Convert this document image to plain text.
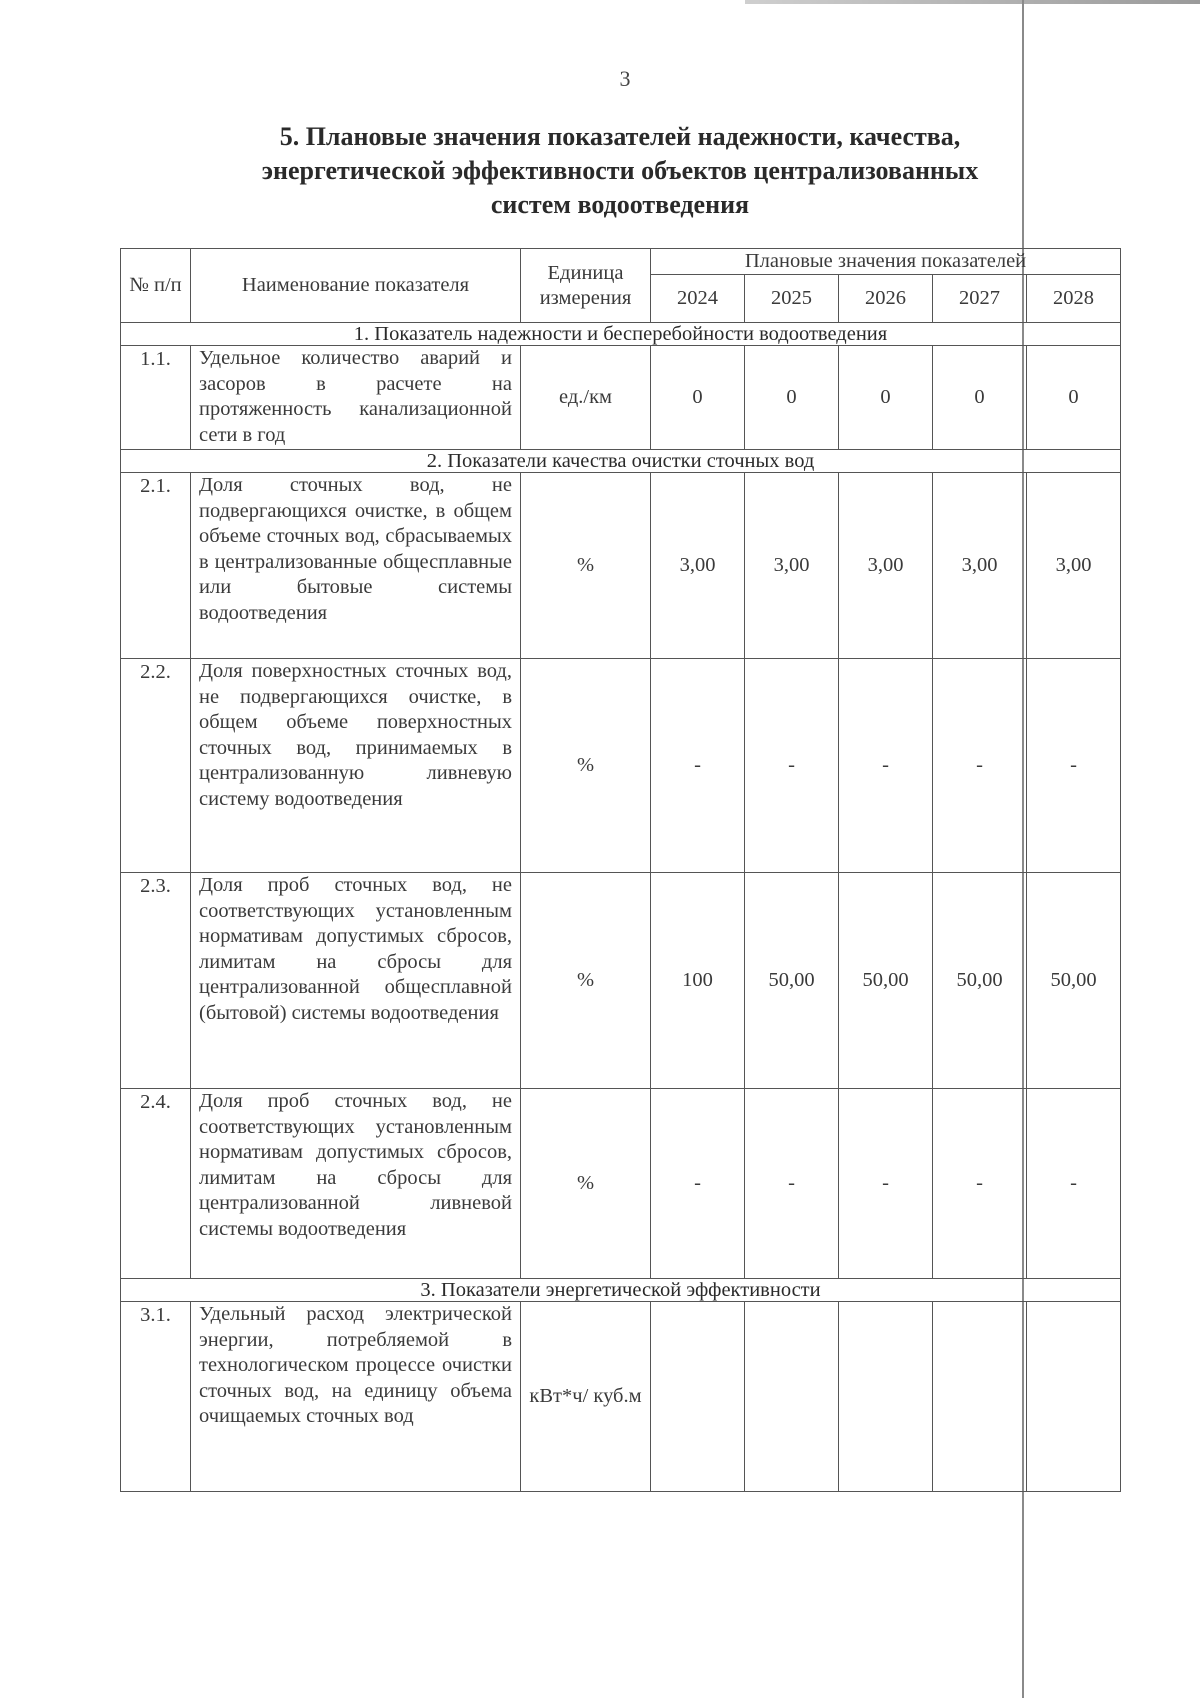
3
5. Плановые значения показателей надежности, качества,
энергетической эффективности объектов централизованных
систем водоотведения
№ п/п	Наименование показателя	Единица измерения	Плановые значения показателей				
			2024	2025	2026	2027	2028
1. Показатель надежности и бесперебойности водоотведения							
1.1.	Удельное количество аварий и засоров в расчете на протяженность канализационной сети в год	ед./км	0	0	0	0	0
2. Показатели качества очистки сточных вод							
2.1.	Доля сточных вод, не подвергающихся очистке, в общем объеме сточных вод, сбрасываемых в централизованные общесплавные или бытовые системы водоотведения	%	3,00	3,00	3,00	3,00	3,00
2.2.	Доля поверхностных сточных вод, не подвергающихся очистке, в общем объеме поверхностных сточных вод, принимаемых в централизованную ливневую систему водоотведения	%	-	-	-	-	-
2.3.	Доля проб сточных вод, не соответствующих установленным нормативам допустимых сбросов, лимитам на сбросы для централизованной общесплавной (бытовой) системы водоотведения	%	100	50,00	50,00	50,00	50,00
2.4.	Доля проб сточных вод, не соответствующих установленным нормативам допустимых сбросов, лимитам на сбросы для централизованной ливневой системы водоотведения	%	-	-	-	-	-
3. Показатели энергетической эффективности							
3.1.	Удельный расход электрической энергии, потребляемой в технологическом процессе очистки сточных вод, на единицу объема очищаемых сточных вод	кВт*ч/ куб.м					
